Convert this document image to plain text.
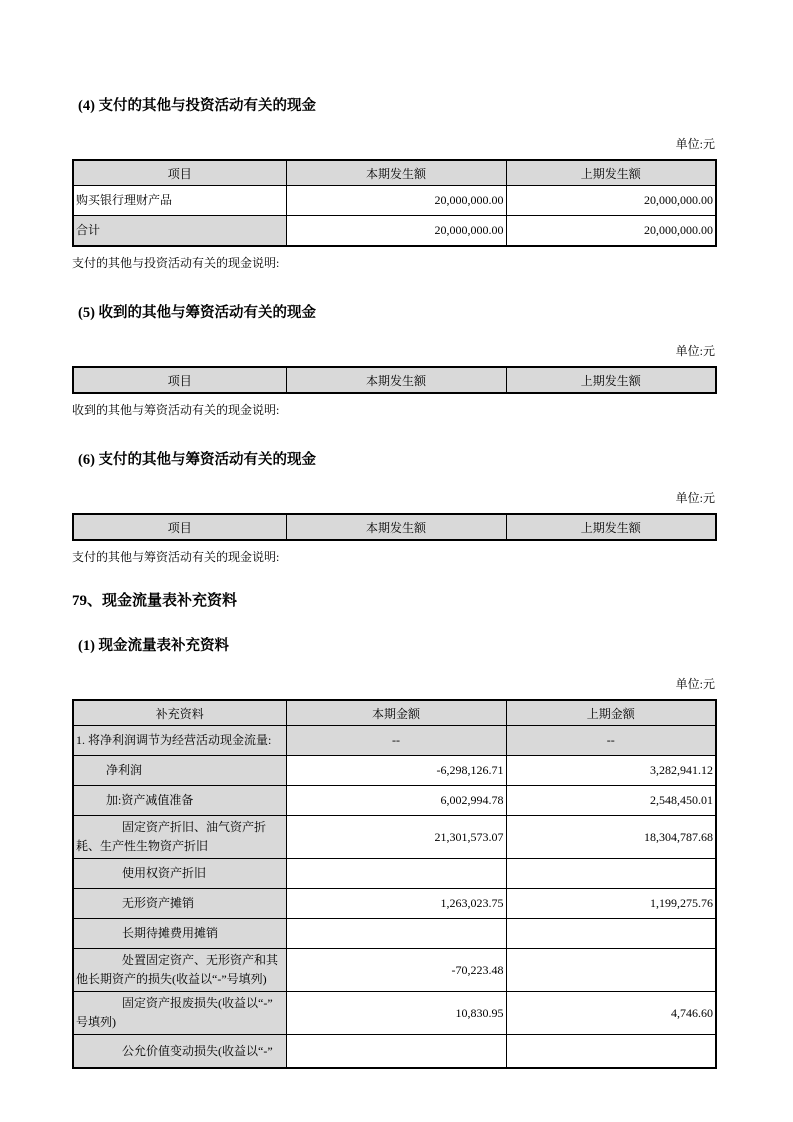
(4) 支付的其他与投资活动有关的现金
单位:元
项目	本期发生额	上期发生额
购买银行理财产品	20,000,000.00	20,000,000.00
合计	20,000,000.00	20,000,000.00
支付的其他与投资活动有关的现金说明:
(5) 收到的其他与筹资活动有关的现金
单位:元
项目	本期发生额	上期发生额
收到的其他与筹资活动有关的现金说明:
(6) 支付的其他与筹资活动有关的现金
单位:元
项目	本期发生额	上期发生额
支付的其他与筹资活动有关的现金说明:
79、现金流量表补充资料
(1) 现金流量表补充资料
单位:元
补充资料	本期金额	上期金额
1. 将净利润调节为经营活动现金流量:	--	--
净利润	-6,298,126.71	3,282,941.12
加:资产减值准备	6,002,994.78	2,548,450.01
固定资产折旧、油气资产折耗、生产性生物资产折旧	21,301,573.07	18,304,787.68
使用权资产折旧		
无形资产摊销	1,263,023.75	1,199,275.76
长期待摊费用摊销		
处置固定资产、无形资产和其他长期资产的损失(收益以“-”号填列)	-70,223.48	
固定资产报废损失(收益以“-”号填列)	10,830.95	4,746.60
公允价值变动损失(收益以“-”		
